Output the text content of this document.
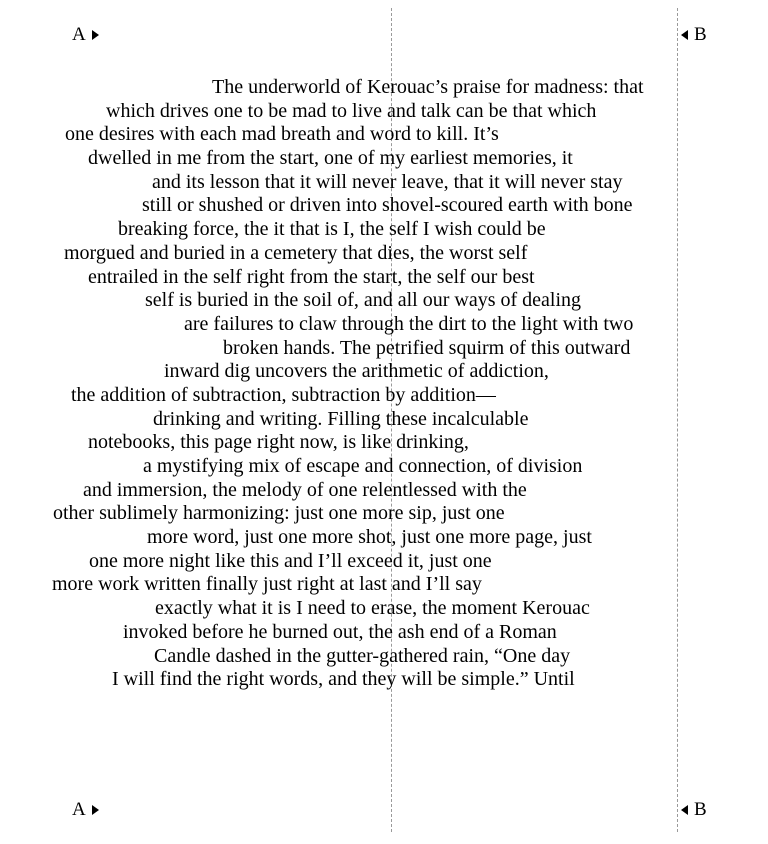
A	B
A	B
The underworld of Kerouac’s praise for madness: that
which drives one to be mad to live and talk can be that which
one desires with each mad breath and word to kill. It’s
dwelled in me from the start, one of my earliest memories, it
and its lesson that it will never leave, that it will never stay
still or shushed or driven into shovel-scoured earth with bone
breaking force, the it that is I, the self I wish could be
morgued and buried in a cemetery that dies, the worst self
entrailed in the self right from the start, the self our best
self is buried in the soil of, and all our ways of dealing
are failures to claw through the dirt to the light with two
broken hands. The petrified squirm of this outward
inward dig uncovers the arithmetic of addiction,
the addition of subtraction, subtraction by addition—
drinking and writing. Filling these incalculable
notebooks, this page right now, is like drinking,
a mystifying mix of escape and connection, of division
and immersion, the melody of one relentlessed with the
other sublimely harmonizing: just one more sip, just one
more word, just one more shot, just one more page, just
one more night like this and I’ll exceed it, just one
more work written finally just right at last and I’ll say
exactly what it is I need to erase, the moment Kerouac
invoked before he burned out, the ash end of a Roman
Candle dashed in the gutter-gathered rain, “One day
I will find the right words, and they will be simple.” Until
